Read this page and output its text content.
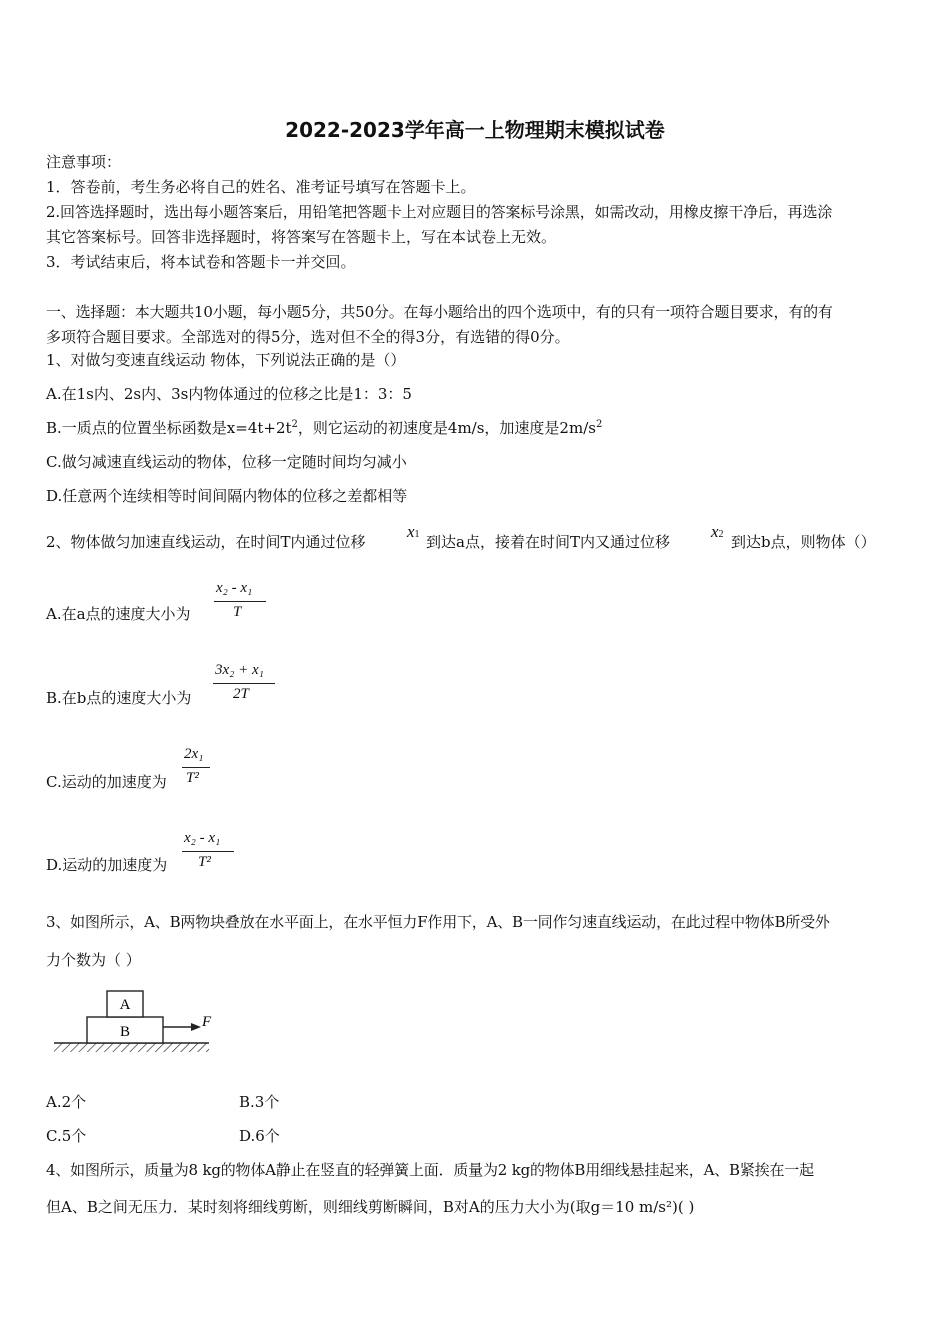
2022-2023学年高一上物理期末模拟试卷
注意事项：
1．答卷前，考生务必将自己的姓名、准考证号填写在答题卡上。
2.回答选择题时，选出每小题答案后，用铅笔把答题卡上对应题目的答案标号涂黑，如需改动，用橡皮擦干净后，再选涂
其它答案标号。回答非选择题时，将答案写在答题卡上，写在本试卷上无效。
3．考试结束后，将本试卷和答题卡一并交回。
一、选择题：本大题共10小题，每小题5分，共50分。在每小题给出的四个选项中，有的只有一项符合题目要求，有的有
多项符合题目要求。全部选对的得5分，选对但不全的得3分，有选错的得0分。
1、对做匀变速直线运动 物体，下列说法正确的是（）
A.在1s内、2s内、3s内物体通过的位移之比是1：3：5
B.一质点的位置坐标函数是$x=4t+2t^2$，则它运动的初速度是4m/s，加速度是$2m/s^2$
C.做匀减速直线运动的物体，位移一定随时间均匀减小
D.任意两个连续相等时间间隔内物体的位移之差都相等
2、物体做匀加速直线运动，在时间T内通过位移
x1 到达a点，接着在时间T内又通过位移
x2 到达b点，则物体（）
A.在a点的速度大小为
x₂ - x₁
T
B.在b点的速度大小为
3x₂ + x₁
2T
C.运动的加速度为
2x₁
T²
D.运动的加速度为
x₂ - x₁
T²
3、如图所示，A、B两物块叠放在水平面上，在水平恒力F作用下，A、B一同作匀速直线运动，在此过程中物体B所受外
力个数为（ ）
A
B
F
A.2个	B.3个
C.5个	D.6个
4、如图所示，质量为8 kg的物体A静止在竖直的轻弹簧上面．质量为2 kg的物体B用细线悬挂起来，A、B紧挨在一起
但A、B之间无压力．某时刻将细线剪断，则细线剪断瞬间，B对A的压力大小为(取g＝10 m/s²)( )
